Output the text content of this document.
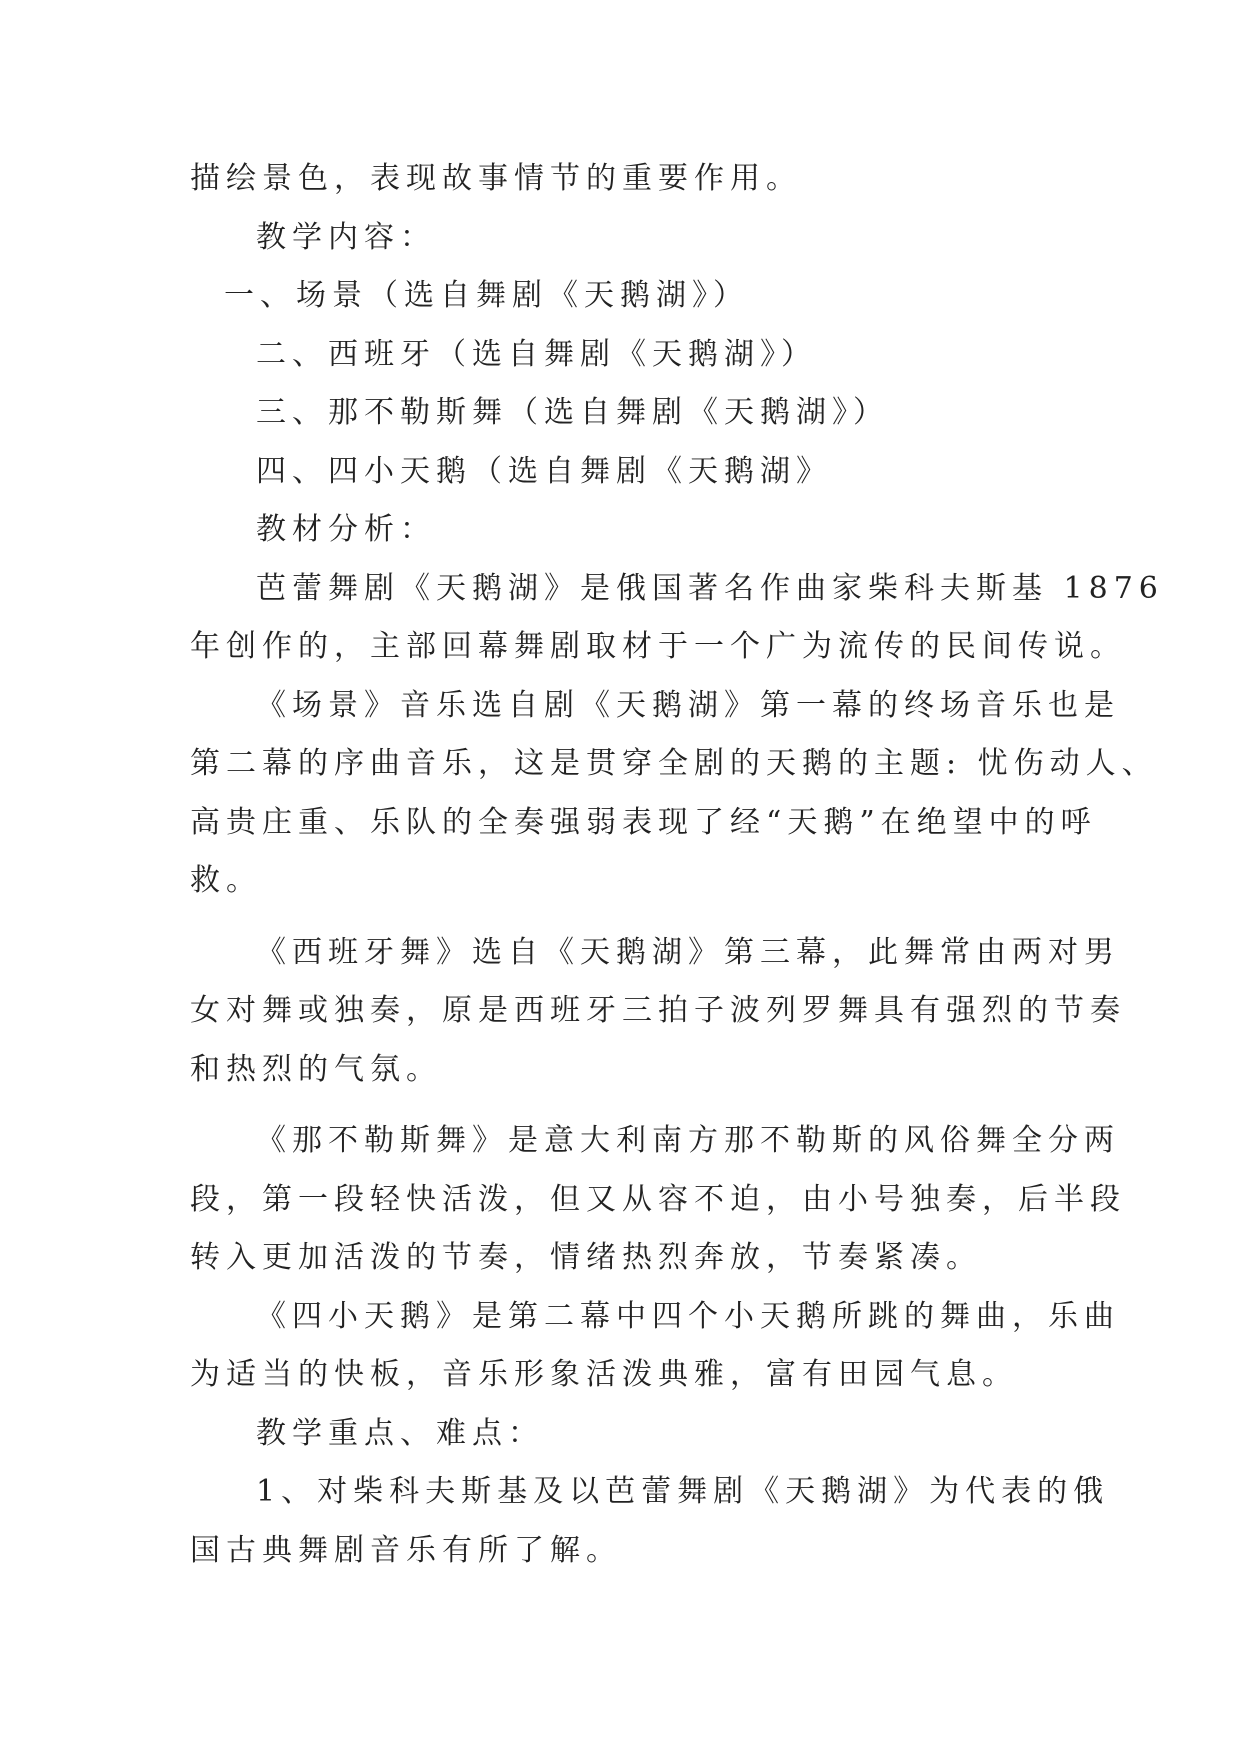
描绘景色，表现故事情节的重要作用。
教学内容：
一、场景（选自舞剧《天鹅湖》）
二、西班牙（选自舞剧《天鹅湖》）
三、那不勒斯舞（选自舞剧《天鹅湖》）
四、四小天鹅（选自舞剧《天鹅湖》
教材分析：
芭蕾舞剧《天鹅湖》是俄国著名作曲家柴科夫斯基 1876
年创作的，主部回幕舞剧取材于一个广为流传的民间传说。
《场景》音乐选自剧《天鹅湖》第一幕的终场音乐也是
第二幕的序曲音乐，这是贯穿全剧的天鹅的主题: 忧伤动人、
高贵庄重、乐队的全奏强弱表现了经“天鹅”在绝望中的呼
救。
《西班牙舞》选自《天鹅湖》第三幕，此舞常由两对男
女对舞或独奏，原是西班牙三拍子波列罗舞具有强烈的节奏
和热烈的气氛。
《那不勒斯舞》是意大利南方那不勒斯的风俗舞全分两
段，第一段轻快活泼，但又从容不迫，由小号独奏，后半段
转入更加活泼的节奏，情绪热烈奔放，节奏紧凑。
《四小天鹅》是第二幕中四个小天鹅所跳的舞曲，乐曲
为适当的快板，音乐形象活泼典雅，富有田园气息。
教学重点、难点：
1、对柴科夫斯基及以芭蕾舞剧《天鹅湖》为代表的俄
国古典舞剧音乐有所了解。
